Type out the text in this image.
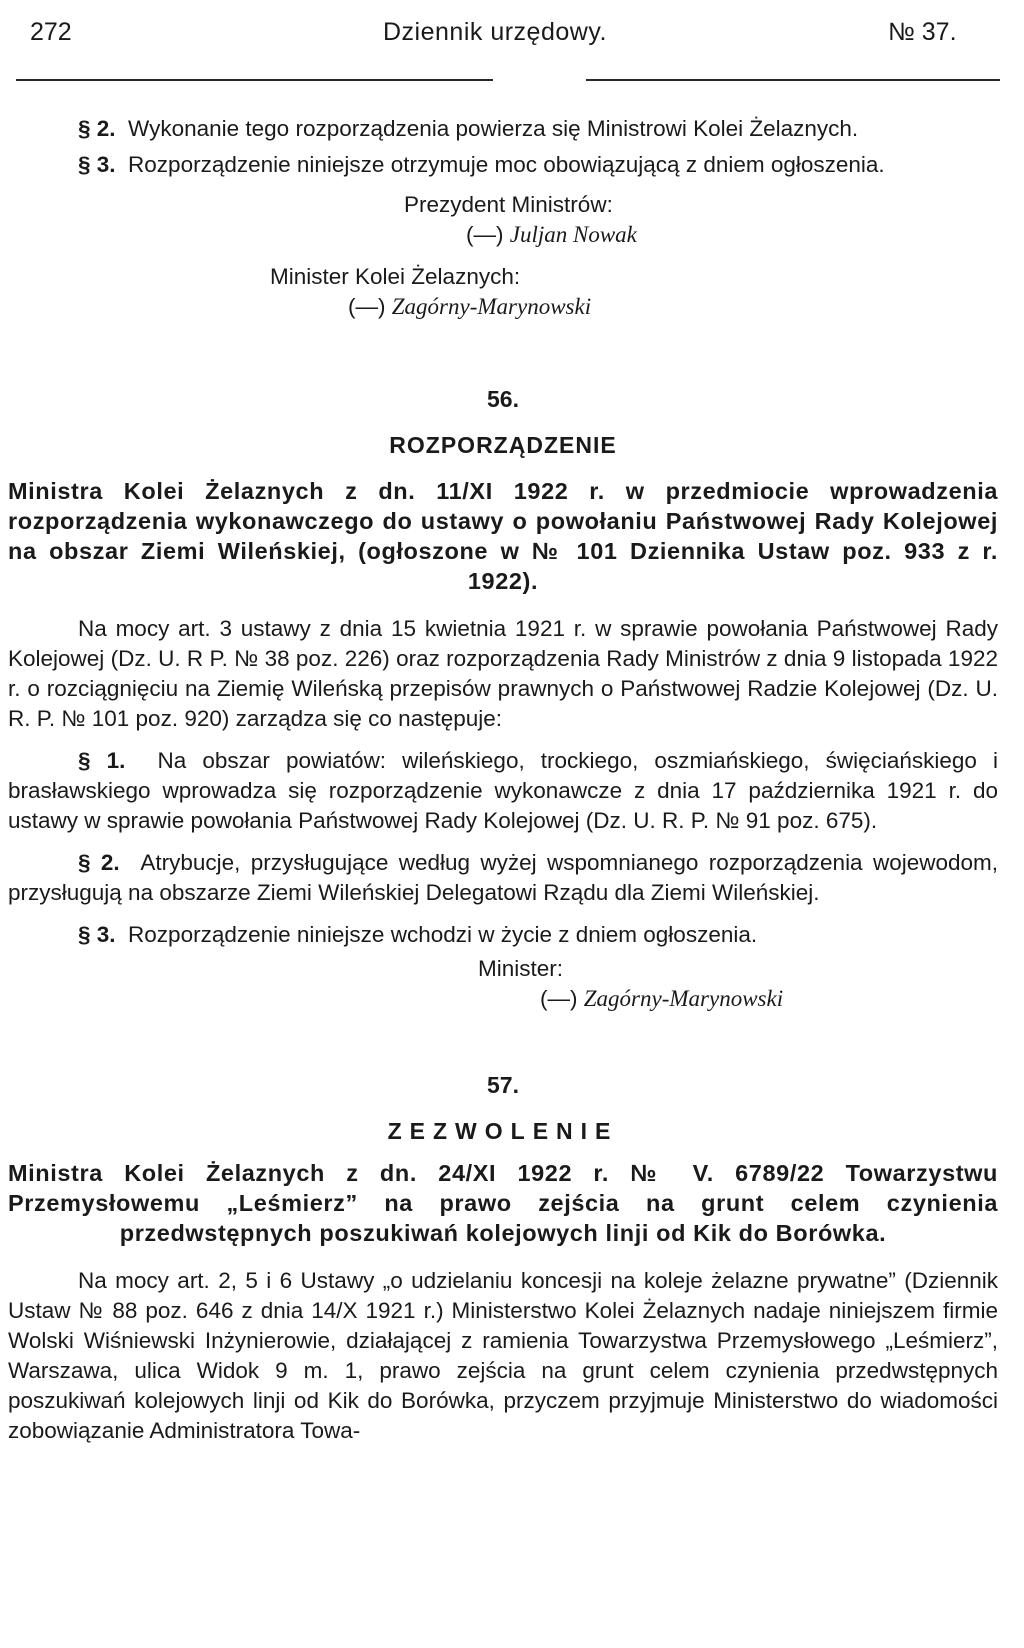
272	Dziennik urzędowy.	№ 37.

§ 2. Wykonanie tego rozporządzenia powierza się Ministrowi Kolei Żelaznych.

§ 3. Rozporządzenie niniejsze otrzymuje moc obowiązującą z dniem ogłoszenia.

Prezydent Ministrów:
(—) Juljan Nowak
Minister Kolei Żelaznych:
(—) Zagórny-Marynowski
56.
ROZPORZĄDZENIE

Ministra Kolei Żelaznych z dn. 11/XI 1922 r. w przedmiocie wprowadzenia rozporządzenia wykonawczego do ustawy o powołaniu Państwowej Rady Kolejowej na obszar Ziemi Wileńskiej, (ogłoszone w № 101 Dziennika Ustaw poz. 933 z r. 1922).

Na mocy art. 3 ustawy z dnia 15 kwietnia 1921 r. w sprawie powołania Państwowej Rady Kolejowej (Dz. U. R P. № 38 poz. 226) oraz rozporządzenia Rady Ministrów z dnia 9 listopada 1922 r. o rozciągnięciu na Ziemię Wileńską przepisów prawnych o Państwowej Radzie Kolejowej (Dz. U. R. P. № 101 poz. 920) zarządza się co następuje:

§ 1. Na obszar powiatów: wileńskiego, trockiego, oszmiańskiego, święciańskiego i brasławskiego wprowadza się rozporządzenie wykonawcze z dnia 17 października 1921 r. do ustawy w sprawie powołania Państwowej Rady Kolejowej (Dz. U. R. P. № 91 poz. 675).

§ 2. Atrybucje, przysługujące według wyżej wspomnianego rozporządzenia wojewodom, przysługują na obszarze Ziemi Wileńskiej Delegatowi Rządu dla Ziemi Wileńskiej.

§ 3. Rozporządzenie niniejsze wchodzi w życie z dniem ogłoszenia.

Minister:
(—) Zagórny-Marynowski
57.
ZEZWOLENIE

Ministra Kolei Żelaznych z dn. 24/XI 1922 r. № V. 6789/22 Towarzystwu Przemysłowemu „Leśmierz” na prawo zejścia na grunt celem czynienia przedwstępnych poszukiwań kolejowych linji od Kik do Borówka.

Na mocy art. 2, 5 i 6 Ustawy „o udzielaniu koncesji na koleje żelazne prywatne” (Dziennik Ustaw № 88 poz. 646 z dnia 14/X 1921 r.) Ministerstwo Kolei Żelaznych nadaje niniejszem firmie Wolski Wiśniewski Inżynierowie, działającej z ramienia Towarzystwa Przemysłowego „Leśmierz”, Warszawa, ulica Widok 9 m. 1, prawo zejścia na grunt celem czynienia przedwstępnych poszukiwań kolejowych linji od Kik do Borówka, przyczem przyjmuje Ministerstwo do wiadomości zobowiązanie Administratora Towa-
